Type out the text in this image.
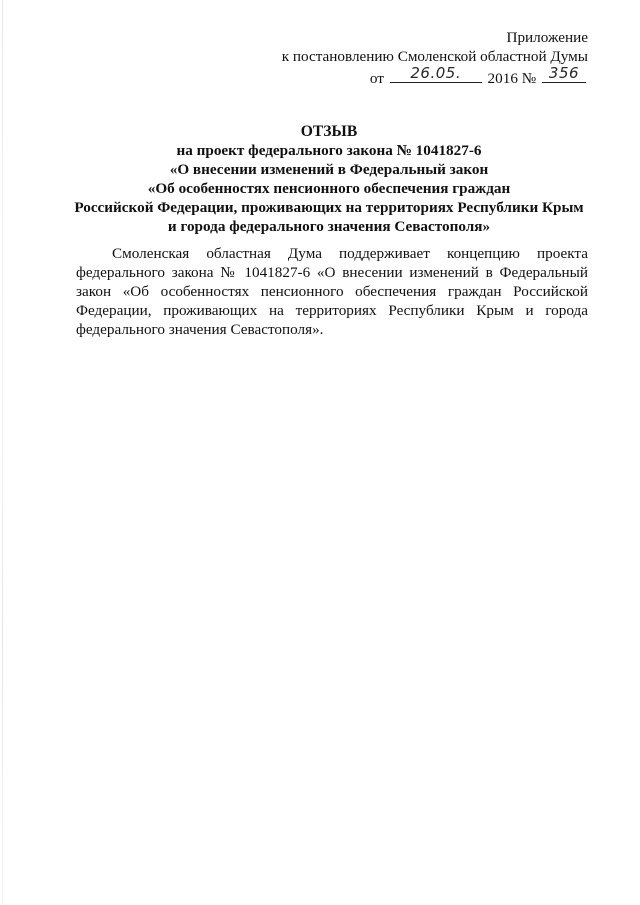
Приложение
к постановлению Смоленской областной Думы
от	26.05.	2016 № 356
ОТЗЫВ
на проект федерального закона № 1041827-6
«О внесении изменений в Федеральный закон
«Об особенностях пенсионного обеспечения граждан
Российской Федерации, проживающих на территориях Республики Крым
и города федерального значения Севастополя»
Смоленская областная Дума поддерживает концепцию проекта
федерального закона № 1041827-6 «О внесении изменений в Федеральный
закон «Об особенностях пенсионного обеспечения граждан Российской
Федерации, проживающих на территориях Республики Крым и города
федерального значения Севастополя».
